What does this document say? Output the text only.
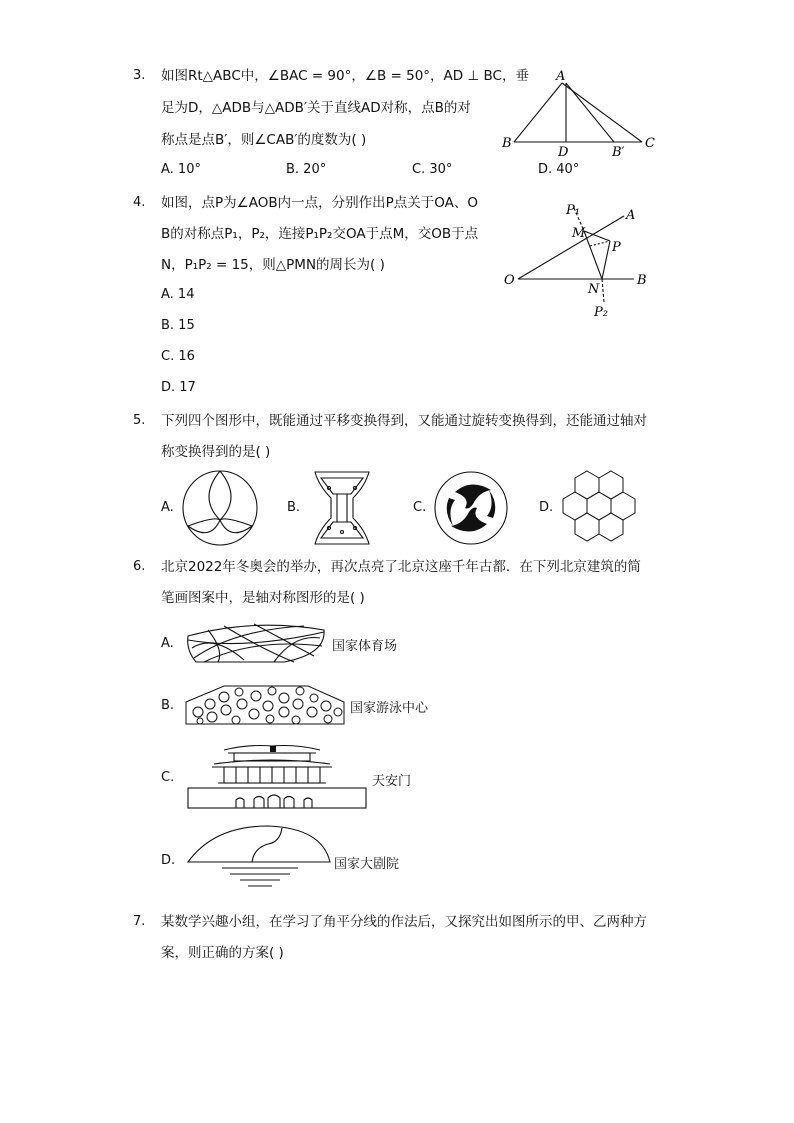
3. 如图Rt△ABC中，∠BAC = 90°，∠B = 50°，AD ⊥ BC，垂
足为D，△ADB与△ADB′关于直线AD对称，点B的对
称点是点B′，则∠CAB′的度数为( )
A. 10°	B. 20°	C. 30°	D. 40°
A
B	C
D	B′
4. 如图，点P为∠AOB内一点，分别作出P点关于OA、O
B的对称点P₁，P₂，连接P₁P₂交OA于点M，交OB于点
N，P₁P₂ = 15，则△PMN的周长为( )
A. 14
B. 15
C. 16
D. 17
P₁	A
M
P
O
N
B
P₂
5. 下列四个图形中，既能通过平移变换得到，又能通过旋转变换得到，还能通过轴对
称变换得到的是( )
A.	B.	C.	D.
6. 北京2022年冬奥会的举办，再次点亮了北京这座千年古都．在下列北京建筑的简
笔画图案中，是轴对称图形的是( )
A.	国家体育场
B.	国家游泳中心
C.	天安门
D.	国家大剧院
7. 某数学兴趣小组，在学习了角平分线的作法后，又探究出如图所示的甲、乙两种方
案，则正确的方案( )
